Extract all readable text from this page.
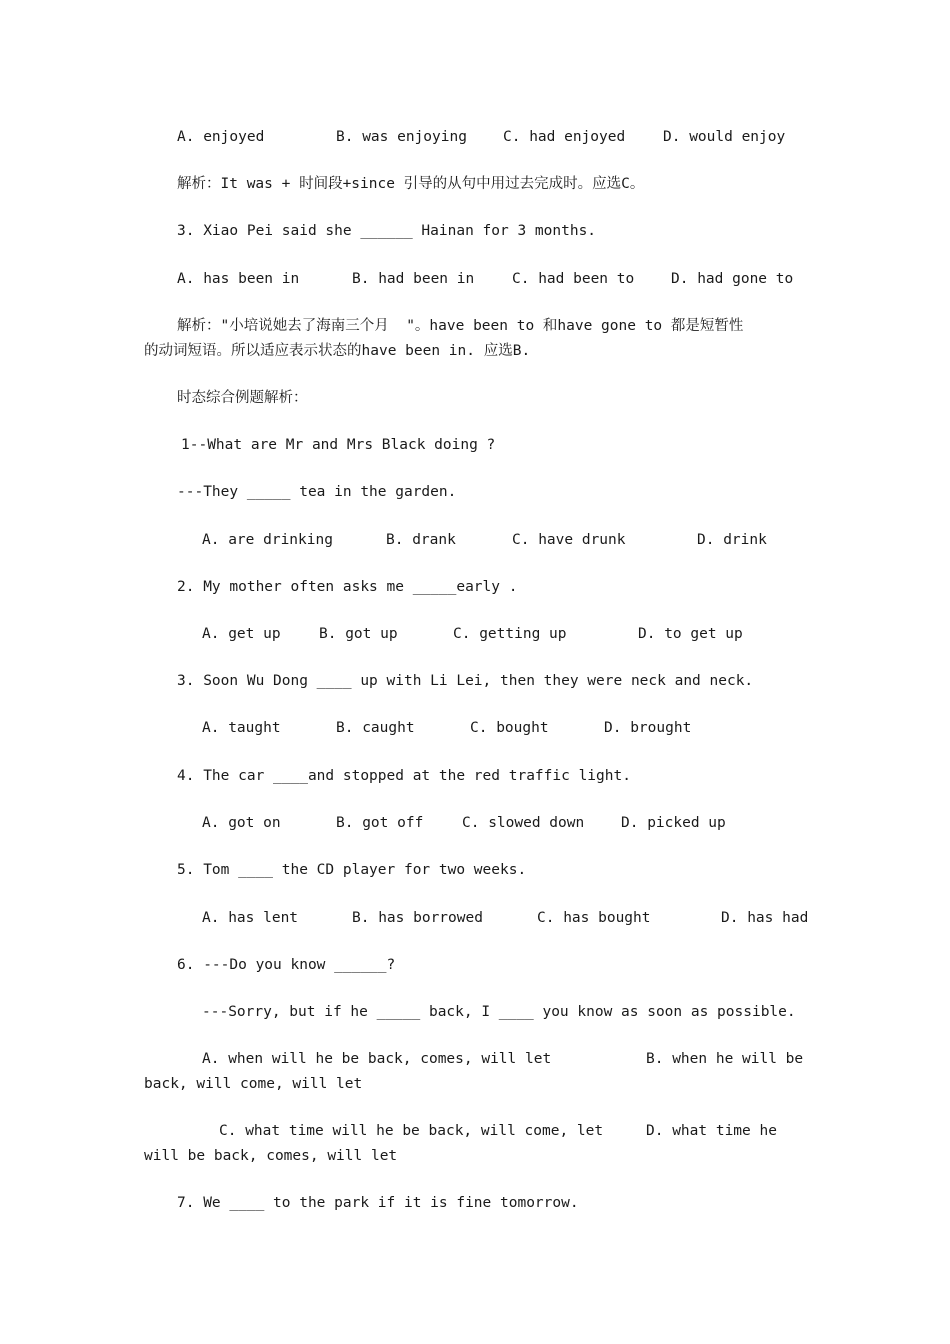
A. enjoyed	B. was enjoying C. had enjoyed	D. would enjoy
解析：It was + 时间段+since 引导的从句中用过去完成时。应选C。
3. Xiao Pei said she ______ Hainan for 3 months.
A. has been in	B. had been in	C. had been to	D. had gone to
解析："小培说她去了海南三个月  "。have been to 和have gone to 都是短暂性
的动词短语。所以适应表示状态的have been in. 应选B.
时态综合例题解析：
1--What are Mr and Mrs Black doing ?
---They _____ tea in the garden.
A. are drinking	B. drank	C. have drunk	D. drink
2. My mother often asks me _____early .
A. get up	B. got up	C. getting up	D. to get up
3. Soon Wu Dong ____ up with Li Lei, then they were neck and neck.
A. taught	B. caught	C. bought	D. brought
4. The car ____and stopped at the red traffic light.
A. got on	B. got off	C. slowed down	D. picked up
5. Tom ____ the CD player for two weeks.
A. has lent	B. has borrowed	C. has bought	D. has had
6. ---Do you know ______?
---Sorry, but if he _____ back, I ____ you know as soon as possible.
A. when will he be back, comes, will let	B. when he will be
back, will come, will let
C. what time will he be back, will come, let	D. what time he
will be back, comes, will let
7. We ____ to the park if it is fine tomorrow.
